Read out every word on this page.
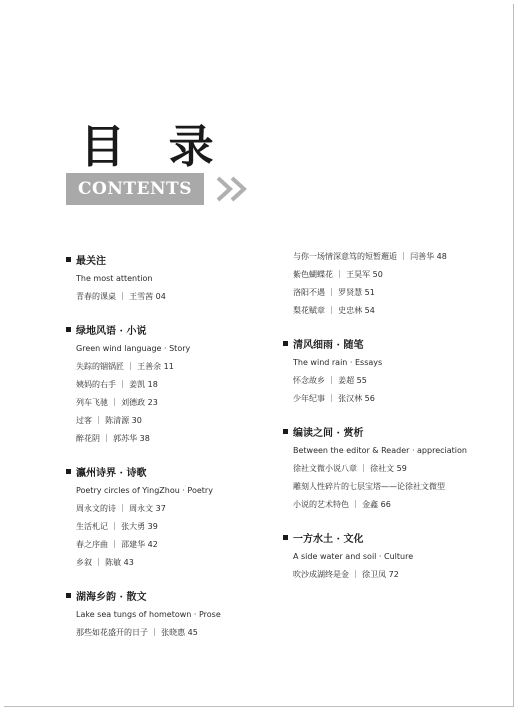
目 录
CONTENTS
最关注
The most attention
青春的课桌 ｜ 王雪茜 04
绿地风语 · 小说
Green wind language · Story
失踪的锢锅匠 ｜ 王善余 11
姨妈的右手 ｜ 姜凯 18
列车飞驰 ｜ 刘德政 23
过客 ｜ 陈清源 30
醉花阴 ｜ 郭苏华 38
瀛州诗界 · 诗歌
Poetry circles of YingZhou · Poetry
周永文的诗 ｜ 周永文 37
生活札记 ｜ 张大勇 39
春之序曲 ｜ 邵建华 42
乡叙 ｜ 陈敏 43
湖海乡韵 · 散文
Lake sea tungs of hometown · Prose
那些如花盛开的日子 ｜ 张晓惠 45
与你一场情深意笃的短暂邂逅 ｜ 闫善华 48
紫色蝴蝶花 ｜ 王昊军 50
洛阳不遇 ｜ 罗贤慧 51
梨花赋章 ｜ 史忠林 54
清风细雨 · 随笔
The wind rain · Essays
怀念故乡 ｜ 姜超 55
少年纪事 ｜ 张汉林 56
编读之间 · 赏析
Between the editor & Reader · appreciation
徐社文微小说八章 ｜ 徐社文 59
雕刻人性碎片的七层宝塔——论徐社文微型
小说的艺术特色 ｜ 金鑫 66
一方水土 · 文化
A side water and soil · Culture
吹沙成湖终是金 ｜ 徐卫凤 72
